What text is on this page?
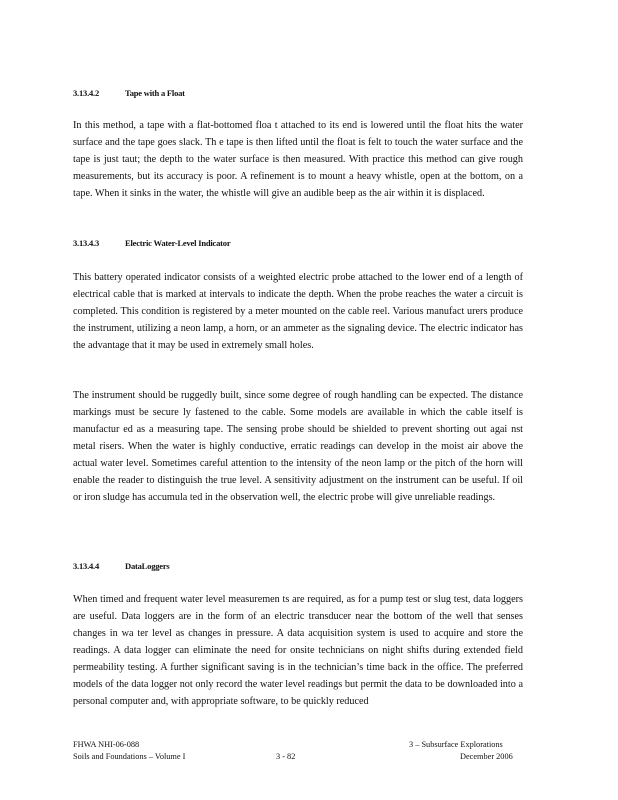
3.13.4.2	Tape with a Float

In this method, a tape with a flat-bottomed floa t attached to its end is lowered until the float hits the water surface and the tape goes slack. Th e tape is then lifted until the float is felt to touch the water surface and the tape is just taut; the depth to the water surface is then measured. With practice this method can give rough measurements, but its accuracy is poor. A refinement is to mount a heavy whistle, open at the bottom, on a tape. When it sinks in the water, the whistle will give an audible beep as the air within it is displaced.

3.13.4.3	Electric Water-Level Indicator

This battery operated indicator consists of a weighted electric probe attached to the lower end of a length of electrical cable that is marked at intervals to indicate the depth. When the probe reaches the water a circuit is completed. This condition is registered by a meter mounted on the cable reel. Various manufact urers produce the instrument, utilizing a neon lamp, a horn, or an ammeter as the signaling device. The electric indicator has the advantage that it may be used in extremely small holes.

The instrument should be ruggedly built, since some degree of rough handling can be expected. The distance markings must be secure ly fastened to the cable. Some models are available in which the cable itself is manufactur ed as a measuring tape. The sensing probe should be shielded to prevent shorting out agai nst metal risers. When the water is highly conductive, erratic readings can develop in the moist air above the actual water level. Sometimes careful attention to the intensity of the neon lamp or the pitch of the horn will enable the reader to distinguish the true level. A sensitivity adjustment on the instrument can be useful. If oil or iron sludge has accumula ted in the observation well, the electric probe will give unreliable readings.

3.13.4.4	DataLoggers

When timed and frequent water level measuremen ts are required, as for a pump test or slug test, data loggers are useful. Data loggers are in the form of an electric transducer near the bottom of the well that senses changes in wa ter level as changes in pressure. A data acquisition system is used to acquire and store the readings. A data logger can eliminate the need for onsite technicians on night shifts during extended field permeability testing. A further significant saving is in the technician’s time back in the office. The preferred models of the data logger not only record the water level readings but permit the data to be downloaded into a personal computer and, with appropriate software, to be quickly reduced

FHWA NHI-06-088
Soils and Foundations – Volume I	3 - 82
3 – Subsurface Explorations
December 2006
